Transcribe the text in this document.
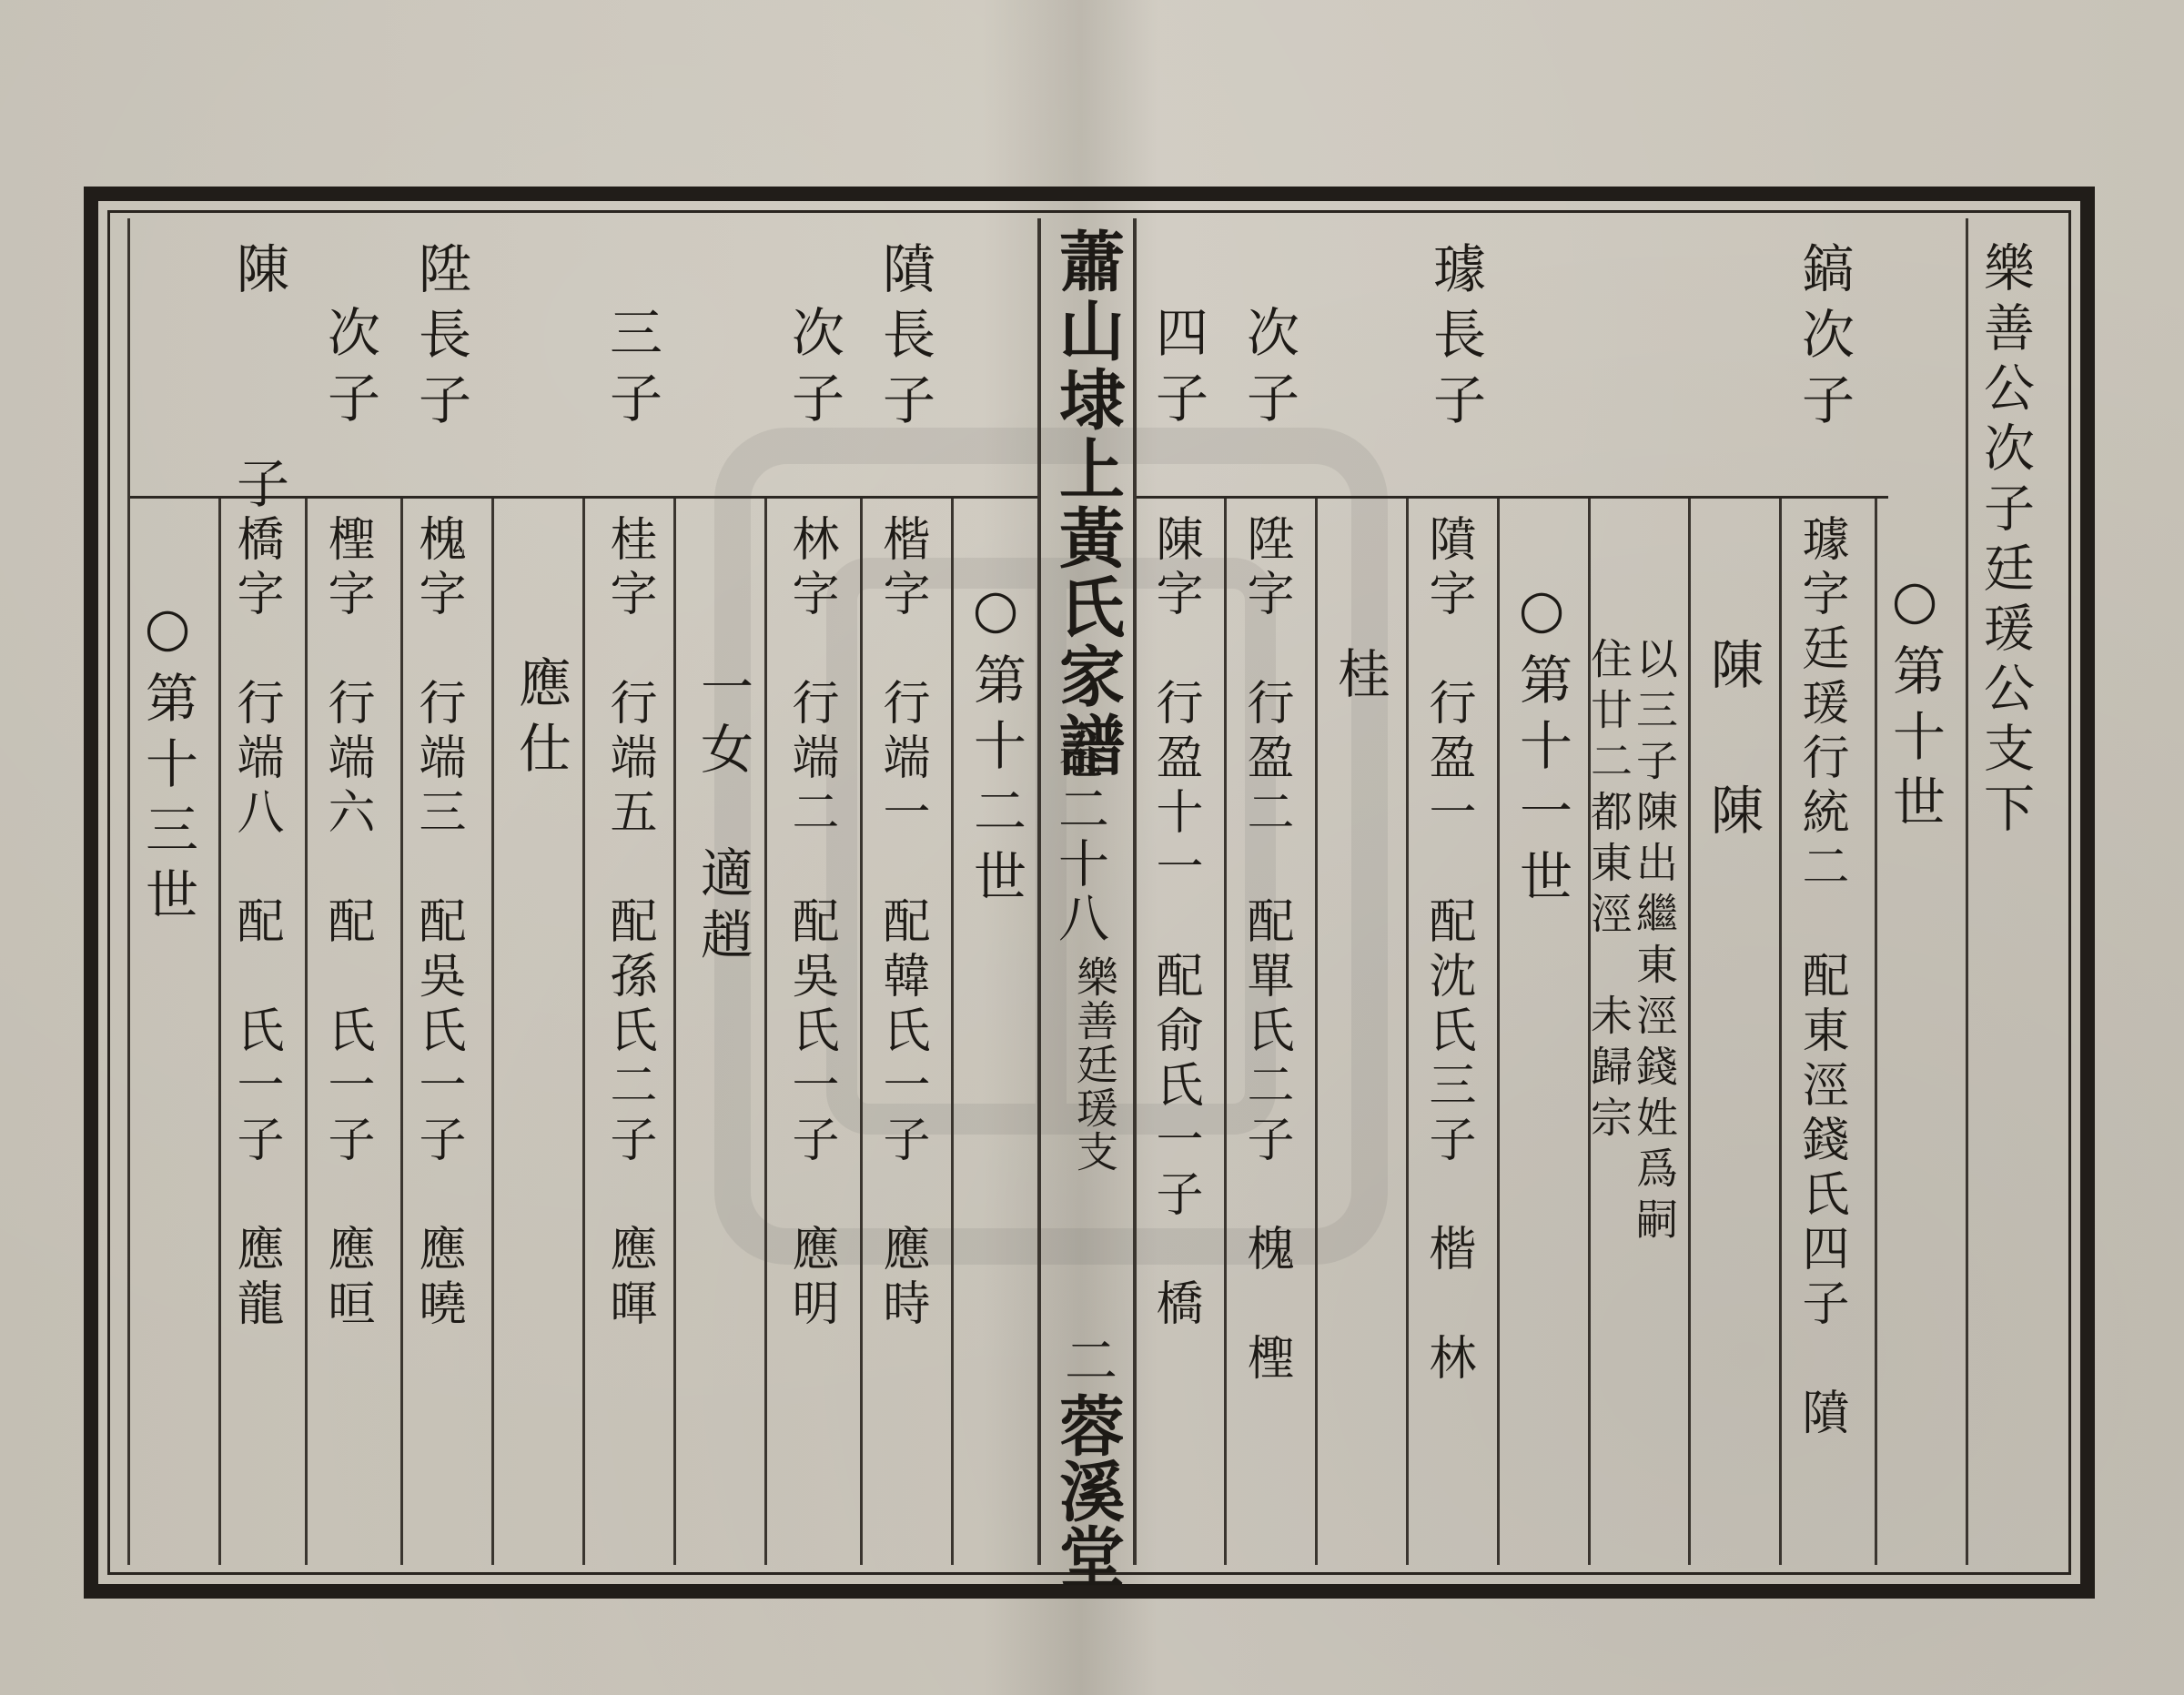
蕭山埭上黃氏家譜
卷二十八
樂善廷瑗支
二
蓉溪堂
樂善公次子廷瑗公支下
鎬次子
璩長子
次子
四子
○第十世
璩字廷瑗行統二　配東涇錢氏四子　隫
陳　陳
以三子陳出繼東涇錢姓爲嗣
住廿二都東涇　未歸宗
○第十一世
隫字　行盈一　配沈氏三子　楷　林
桂
陞字　行盈二　配單氏二子　槐　檉
陳字　行盈十一　配俞氏一子　橋
隫長子
次子
三子
陞長子
次子
陳　子
○第十二世
楷字　行端一　配韓氏一子　應時
林字　行端二　配吳氏一子　應明
一女　適趙
桂字　行端五　配孫氏二子　應暉
應仕
槐字　行端三　配吳氏一子　應曉
檉字　行端六　配　氏一子　應晅
橋字　行端八　配　氏一子　應龍
○第十三世
